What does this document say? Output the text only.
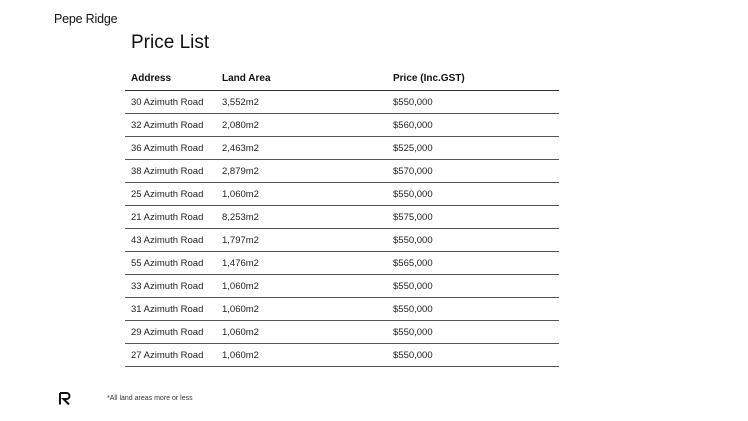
Pepe Ridge
Price List
Address	Land Area	Price (Inc.GST)
30 Azimuth Road	3,552m2	$550,000
32 Azimuth Road	2,080m2	$560,000
36 Azimuth Road	2,463m2	$525,000
38 Azimuth Road	2,879m2	$570,000
25 Azimuth Road	1,060m2	$550,000
21 Azimuth Road	8,253m2	$575,000
43 Azimuth Road	1,797m2	$550,000
55 Azimuth Road	1,476m2	$565,000
33 Azimuth Road	1,060m2	$550,000
31 Azimuth Road	1,060m2	$550,000
29 Azimuth Road	1,060m2	$550,000
27 Azimuth Road	1,060m2	$550,000
*All land areas more or less
